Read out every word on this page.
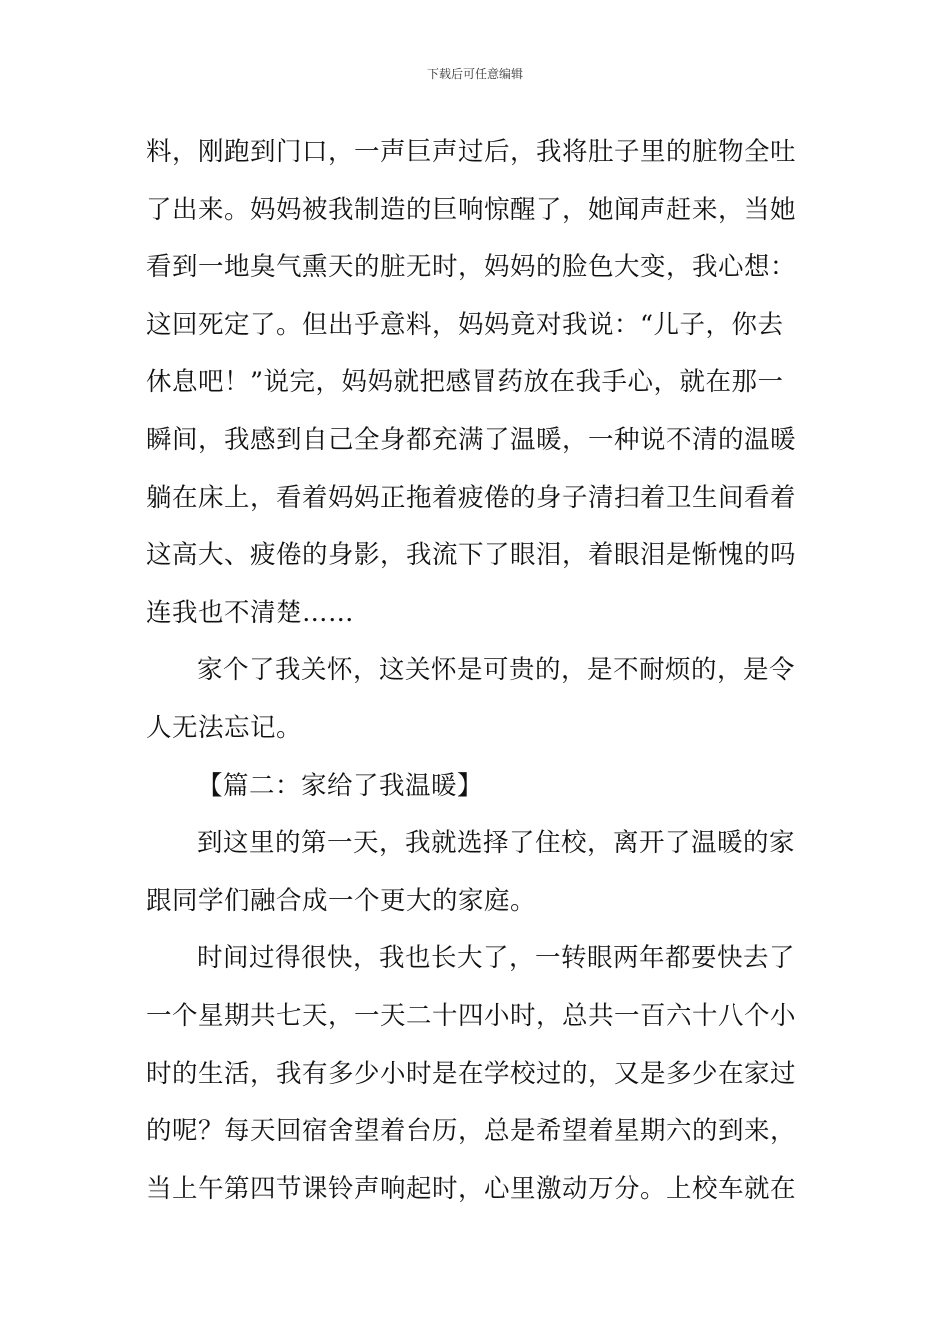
下载后可任意编辑
料，刚跑到门口，一声巨声过后，我将肚子里的脏物全吐
了出来。妈妈被我制造的巨响惊醒了，她闻声赶来，当她
看到一地臭气熏天的脏无时，妈妈的脸色大变，我心想：
这回死定了。但出乎意料，妈妈竟对我说：“儿子，你去
休息吧！”说完，妈妈就把感冒药放在我手心，就在那一
瞬间，我感到自己全身都充满了温暖，一种说不清的温暖
躺在床上，看着妈妈正拖着疲倦的身子清扫着卫生间看着
这高大、疲倦的身影，我流下了眼泪，着眼泪是惭愧的吗
连我也不清楚……
家个了我关怀，这关怀是可贵的，是不耐烦的，是令
人无法忘记。
【篇二：家给了我温暖】
到这里的第一天，我就选择了住校，离开了温暖的家
跟同学们融合成一个更大的家庭。
时间过得很快，我也长大了，一转眼两年都要快去了
一个星期共七天，一天二十四小时，总共一百六十八个小
时的生活，我有多少小时是在学校过的，又是多少在家过
的呢？每天回宿舍望着台历，总是希望着星期六的到来，
当上午第四节课铃声响起时，心里激动万分。上校车就在
